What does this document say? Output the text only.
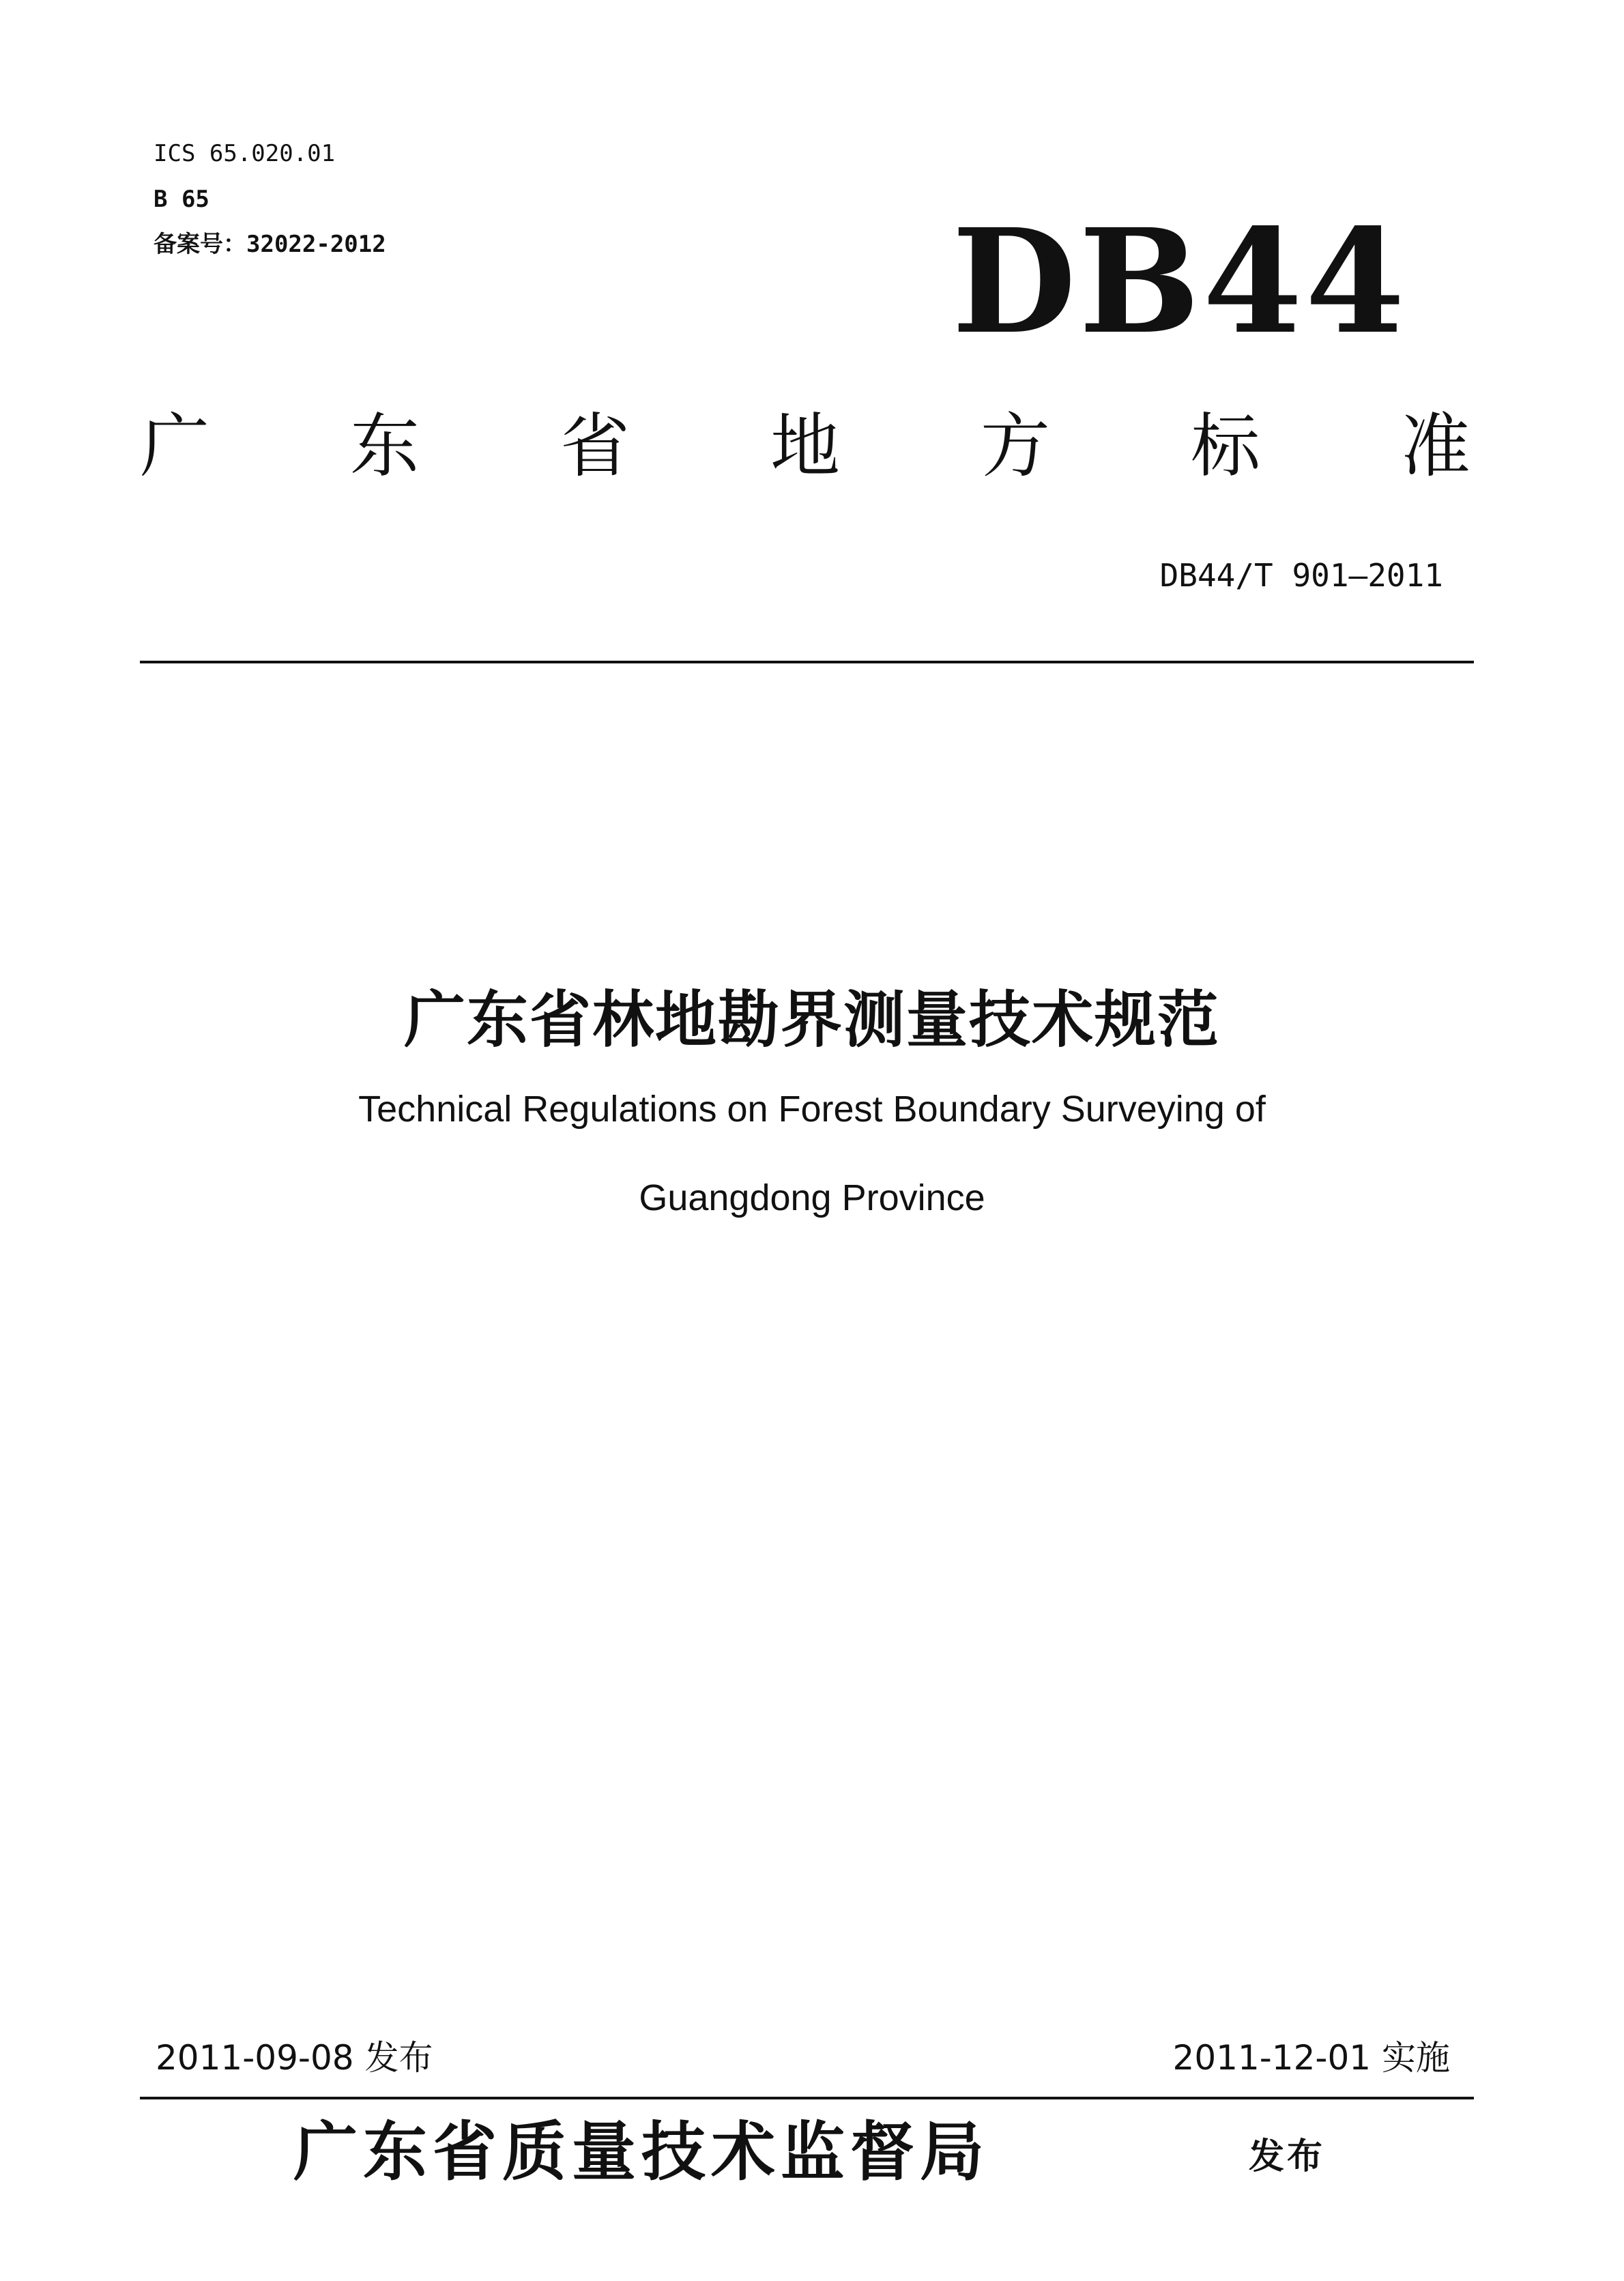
ICS 65.020.01
B 65
备案号：32022-2012	DB44
广 东 省 地 方 标 准
DB44/T 901—2011
广东省林地勘界测量技术规范
Technical Regulations on Forest Boundary Surveying of
Guangdong Province
2011-09-08 发布	2011-12-01 实施
广东省质量技术监督局	发布
